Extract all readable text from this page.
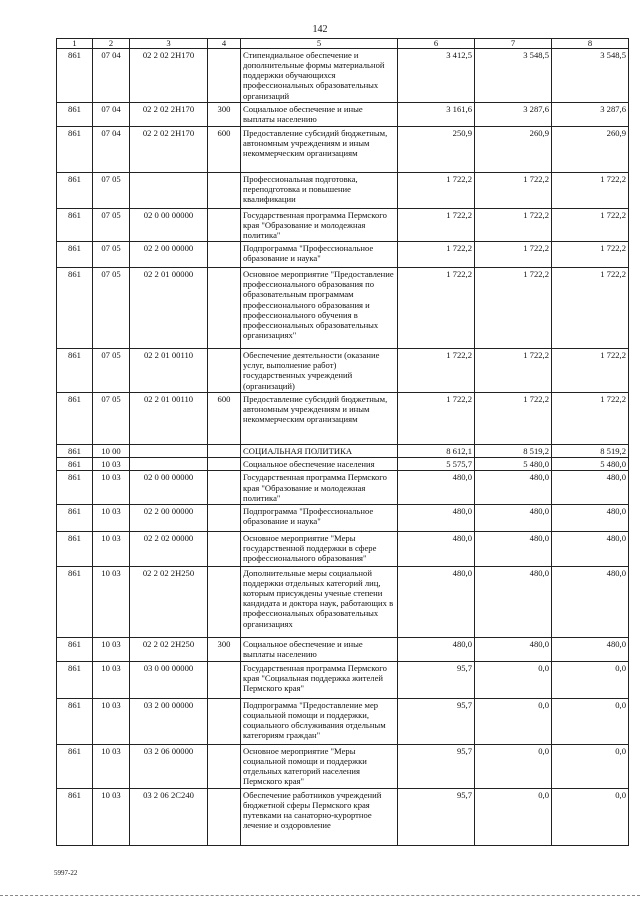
142
1	2	3	4	5	6	7	8
861	07 04	02 2 02 2Н170		Стипендиальное обеспечение и дополнительные формы материальной поддержки обучающихся профессиональных образовательных организаций	3 412,5	3 548,5	3 548,5
861	07 04	02 2 02 2Н170	300	Социальное обеспечение и иные выплаты населению	3 161,6	3 287,6	3 287,6
861	07 04	02 2 02 2Н170	600	Предоставление субсидий бюджетным, автономным учреждениям и иным некоммерческим организациям	250,9	260,9	260,9
861	07 05			Профессиональная подготовка, переподготовка и повышение квалификации	1 722,2	1 722,2	1 722,2
861	07 05	02 0 00 00000		Государственная программа Пермского края "Образование и молодежная политика"	1 722,2	1 722,2	1 722,2
861	07 05	02 2 00 00000		Подпрограмма "Профессиональное образование и наука"	1 722,2	1 722,2	1 722,2
861	07 05	02 2 01 00000		Основное мероприятие "Предоставление профессионального образования по образовательным программам профессионального образования и профессионального обучения в профессиональных образовательных организациях"	1 722,2	1 722,2	1 722,2
861	07 05	02 2 01 00110		Обеспечение деятельности (оказание услуг, выполнение работ) государственных учреждений (организаций)	1 722,2	1 722,2	1 722,2
861	07 05	02 2 01 00110	600	Предоставление субсидий бюджетным, автономным учреждениям и иным некоммерческим организациям	1 722,2	1 722,2	1 722,2
861	10 00			СОЦИАЛЬНАЯ ПОЛИТИКА	8 612,1	8 519,2	8 519,2
861	10 03			Социальное обеспечение населения	5 575,7	5 480,0	5 480,0
861	10 03	02 0 00 00000		Государственная программа Пермского края "Образование и молодежная политика"	480,0	480,0	480,0
861	10 03	02 2 00 00000		Подпрограмма "Профессиональное образование и наука"	480,0	480,0	480,0
861	10 03	02 2 02 00000		Основное мероприятие "Меры государственной поддержки в сфере профессионального образования"	480,0	480,0	480,0
861	10 03	02 2 02 2Н250		Дополнительные меры социальной поддержки отдельных категорий лиц, которым присуждены ученые степени кандидата и доктора наук, работающих в профессиональных образовательных организациях	480,0	480,0	480,0
861	10 03	02 2 02 2Н250	300	Социальное обеспечение и иные выплаты населению	480,0	480,0	480,0
861	10 03	03 0 00 00000		Государственная программа Пермского края "Социальная поддержка жителей Пермского края"	95,7	0,0	0,0
861	10 03	03 2 00 00000		Подпрограмма "Предоставление мер социальной помощи и поддержки, социального обслуживания отдельным категориям граждан"	95,7	0,0	0,0
861	10 03	03 2 06 00000		Основное мероприятие "Меры социальной помощи и поддержки отдельных категорий населения Пермского края"	95,7	0,0	0,0
861	10 03	03 2 06 2С240		Обеспечение работников учреждений бюджетной сферы Пермского края путевками на санаторно-курортное лечение и оздоровление	95,7	0,0	0,0
5997-22
